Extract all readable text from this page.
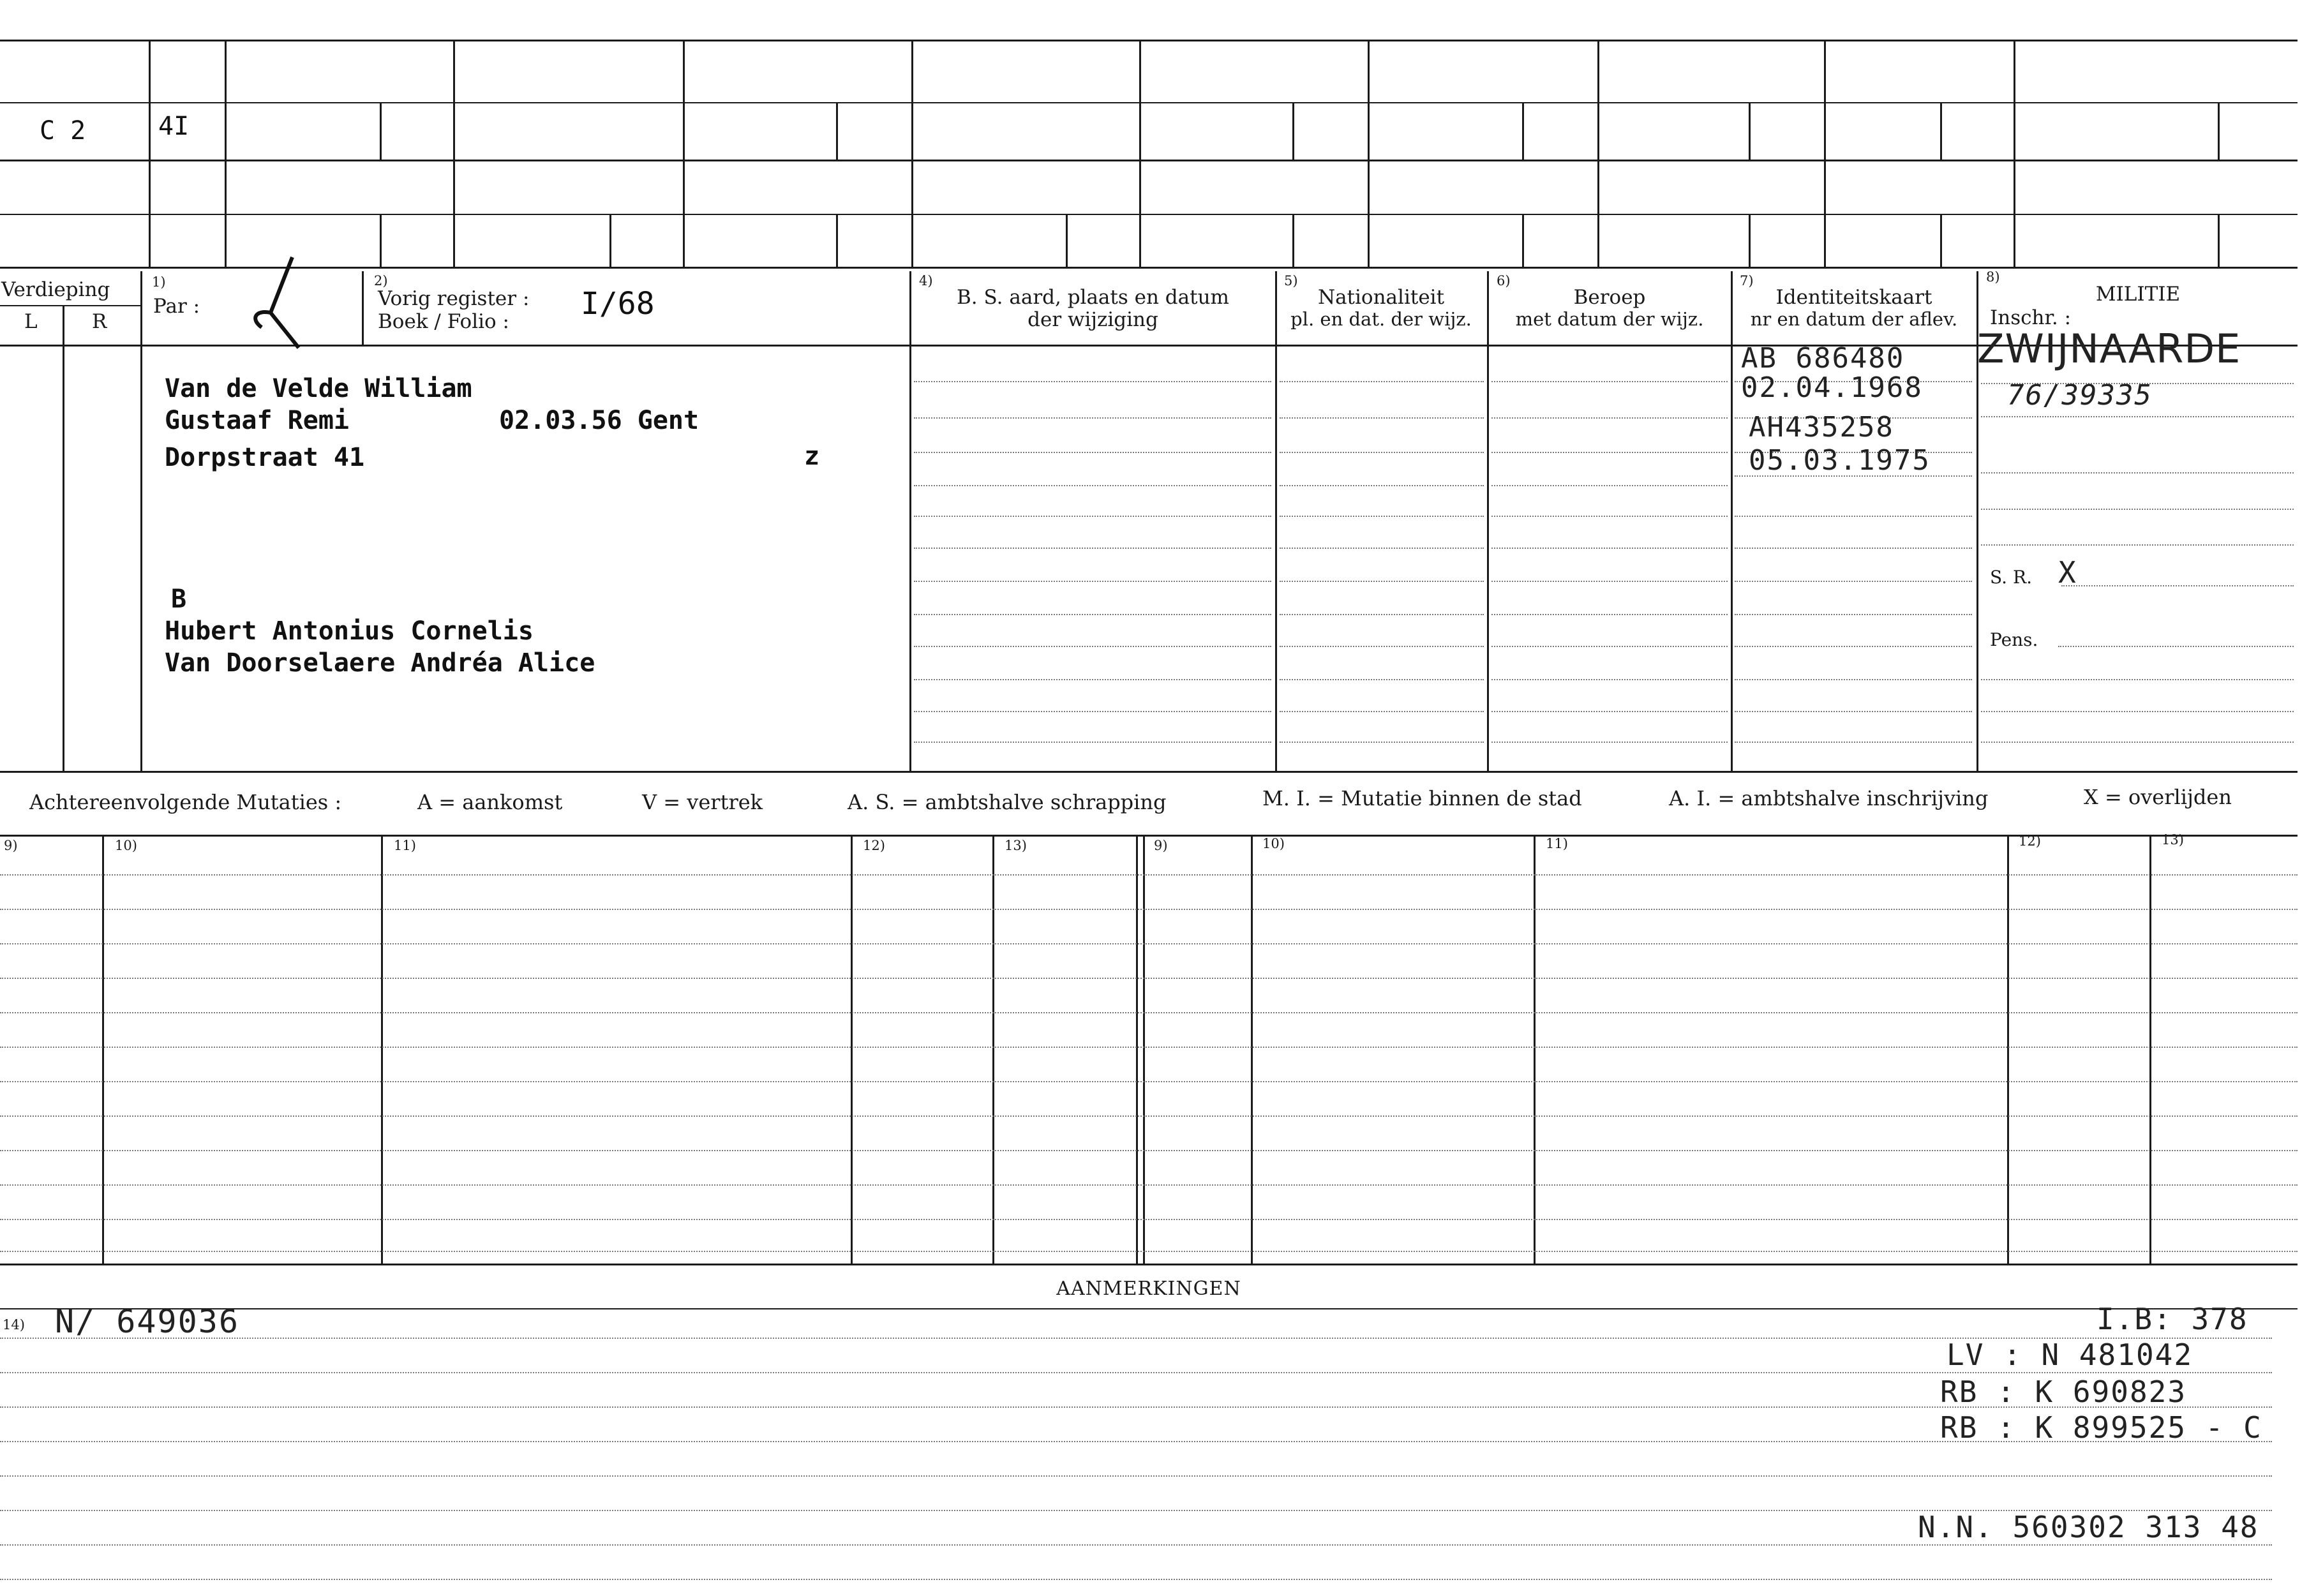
C 2	4I
Verdieping
L	R
1)
Par :
2)
Vorig register :
Boek / Folio : I/68
4)
B. S. aard, plaats en datum
der wijziging
5)
Nationaliteit
pl. en dat. der wijz.
6)
Beroep
met datum der wijz.
7)
Identiteitskaart
nr en datum der aflev.
8)
MILITIE
Inschr. :
Van de Velde William
Gustaaf Remi	02.03.56 Gent
Dorpstraat 41	z
B
Hubert Antonius Cornelis
Van Doorselaere Andréa Alice
AB 686480
02.04.1968
AH435258
05.03.1975
ZWIJNAARDE
76/39335
S. R. X
Pens.
Achtereenvolgende Mutaties :	A = aankomst	V = vertrek	A. S. = ambtshalve schrapping	M. I. = Mutatie binnen de stad	A. I. = ambtshalve inschrijving	X = overlijden
9)	10)	11)	12)	13)	9)	10)	11)	12)	13)
AANMERKINGEN
14) N/ 649036	I.B: 378
LV : N 481042
RB : K 690823
RB : K 899525 - C
N.N. 560302 313 48
